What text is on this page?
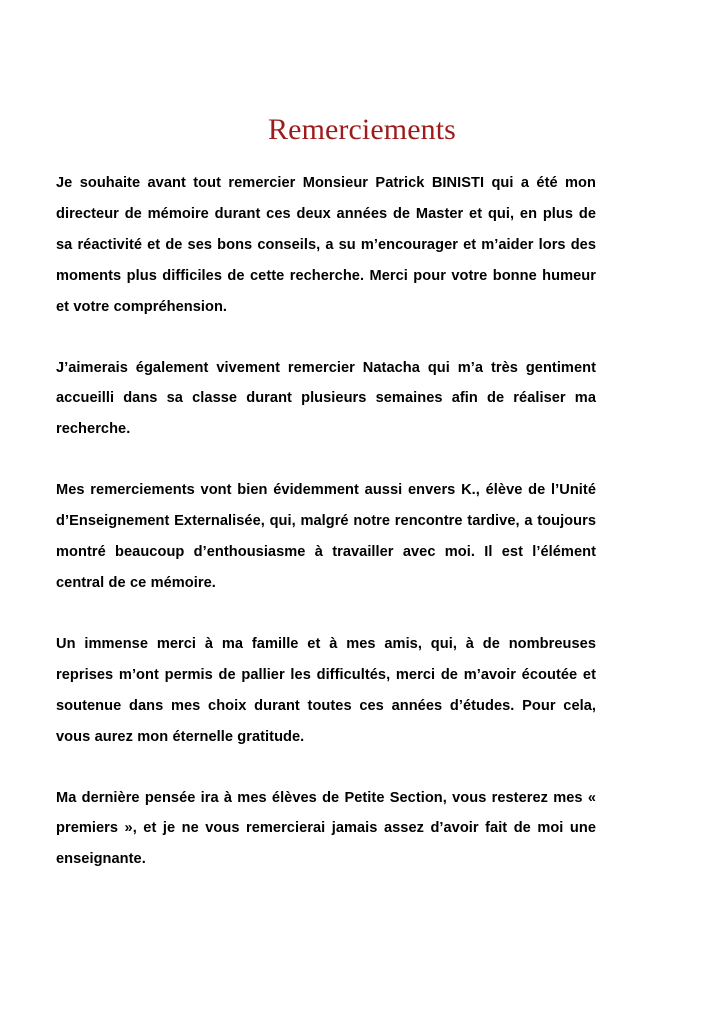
Remerciements

Je souhaite avant tout remercier Monsieur Patrick BINISTI qui a été mon directeur de mémoire durant ces deux années de Master et qui, en plus de sa réactivité et de ses bons conseils, a su m’encourager et m’aider lors des moments plus difficiles de cette recherche. Merci pour votre bonne humeur et votre compréhension.

J’aimerais également vivement remercier Natacha qui m’a très gentiment accueilli dans sa classe durant plusieurs semaines afin de réaliser ma recherche.

Mes remerciements vont bien évidemment aussi envers K., élève de l’Unité d’Enseignement Externalisée, qui, malgré notre rencontre tardive, a toujours montré beaucoup d’enthousiasme à travailler avec moi. Il est l’élément central de ce mémoire.

Un immense merci à ma famille et à mes amis, qui, à de nombreuses reprises m’ont permis de pallier les difficultés, merci de m’avoir écoutée et soutenue dans mes choix durant toutes ces années d’études. Pour cela, vous aurez mon éternelle gratitude.

Ma dernière pensée ira à mes élèves de Petite Section, vous resterez mes « premiers », et je ne vous remercierai jamais assez d’avoir fait de moi une enseignante.
